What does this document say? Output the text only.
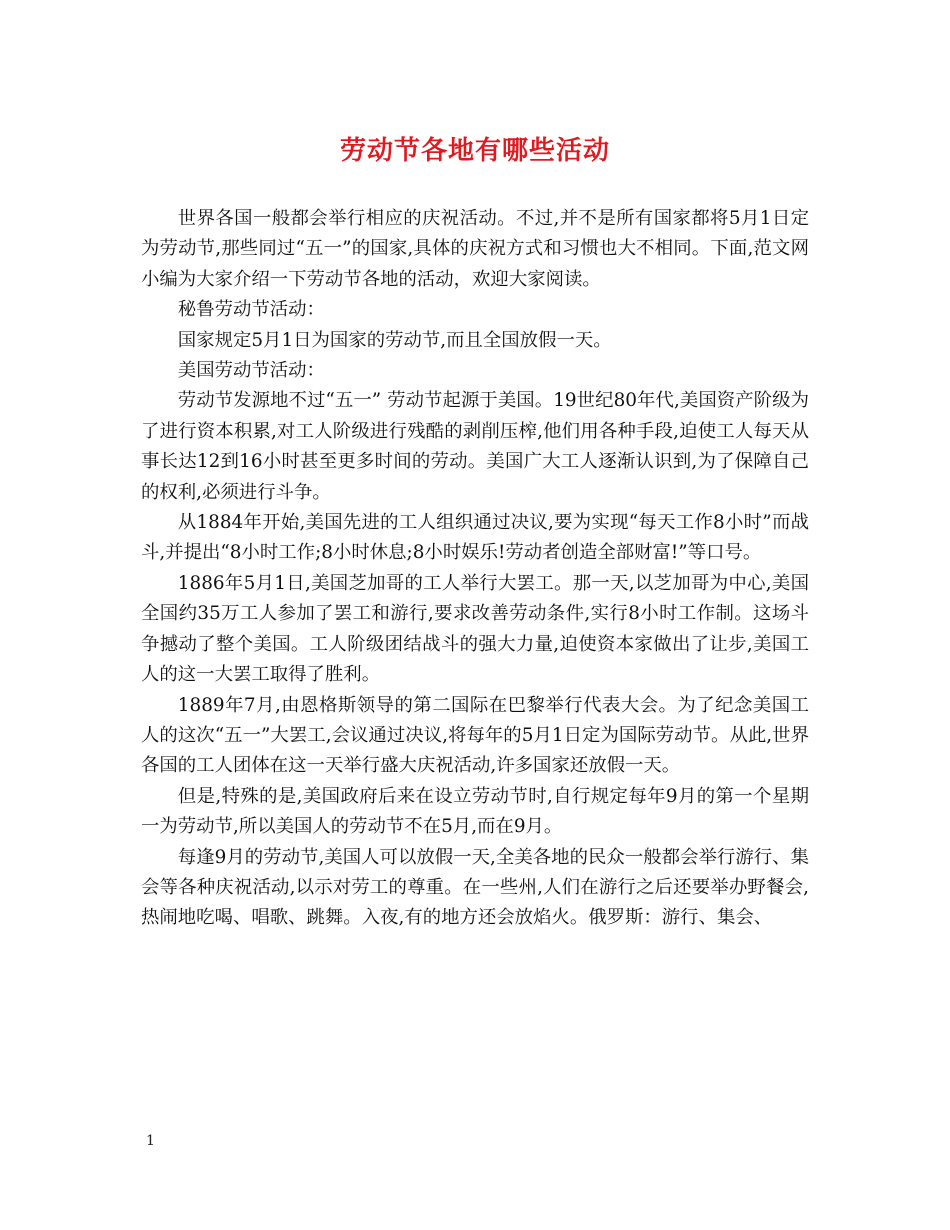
劳动节各地有哪些活动

世界各国一般都会举行相应的庆祝活动。不过,并不是所有国家都将5月1日定为劳动节,那些同过“五一”的国家,具体的庆祝方式和习惯也大不相同。下面,范文网小编为大家介绍一下劳动节各地的活动，欢迎大家阅读。

秘鲁劳动节活动：

国家规定5月1日为国家的劳动节,而且全国放假一天。

美国劳动节活动：

劳动节发源地不过“五一” 劳动节起源于美国。19世纪80年代,美国资产阶级为了进行资本积累,对工人阶级进行残酷的剥削压榨,他们用各种手段,迫使工人每天从事长达12到16小时甚至更多时间的劳动。美国广大工人逐渐认识到,为了保障自己的权利,必须进行斗争。

从1884年开始,美国先进的工人组织通过决议,要为实现“每天工作8小时”而战斗,并提出“8小时工作;8小时休息;8小时娱乐!劳动者创造全部财富!”等口号。

1886年5月1日,美国芝加哥的工人举行大罢工。那一天,以芝加哥为中心,美国全国约35万工人参加了罢工和游行,要求改善劳动条件,实行8小时工作制。这场斗争撼动了整个美国。工人阶级团结战斗的强大力量,迫使资本家做出了让步,美国工人的这一大罢工取得了胜利。

1889年7月,由恩格斯领导的第二国际在巴黎举行代表大会。为了纪念美国工人的这次“五一”大罢工,会议通过决议,将每年的5月1日定为国际劳动节。从此,世界各国的工人团体在这一天举行盛大庆祝活动,许多国家还放假一天。

但是,特殊的是,美国政府后来在设立劳动节时,自行规定每年9月的第一个星期一为劳动节,所以美国人的劳动节不在5月,而在9月。

每逢9月的劳动节,美国人可以放假一天,全美各地的民众一般都会举行游行、集会等各种庆祝活动,以示对劳工的尊重。在一些州,人们在游行之后还要举办野餐会,热闹地吃喝、唱歌、跳舞。入夜,有的地方还会放焰火。俄罗斯：游行、集会、

1
